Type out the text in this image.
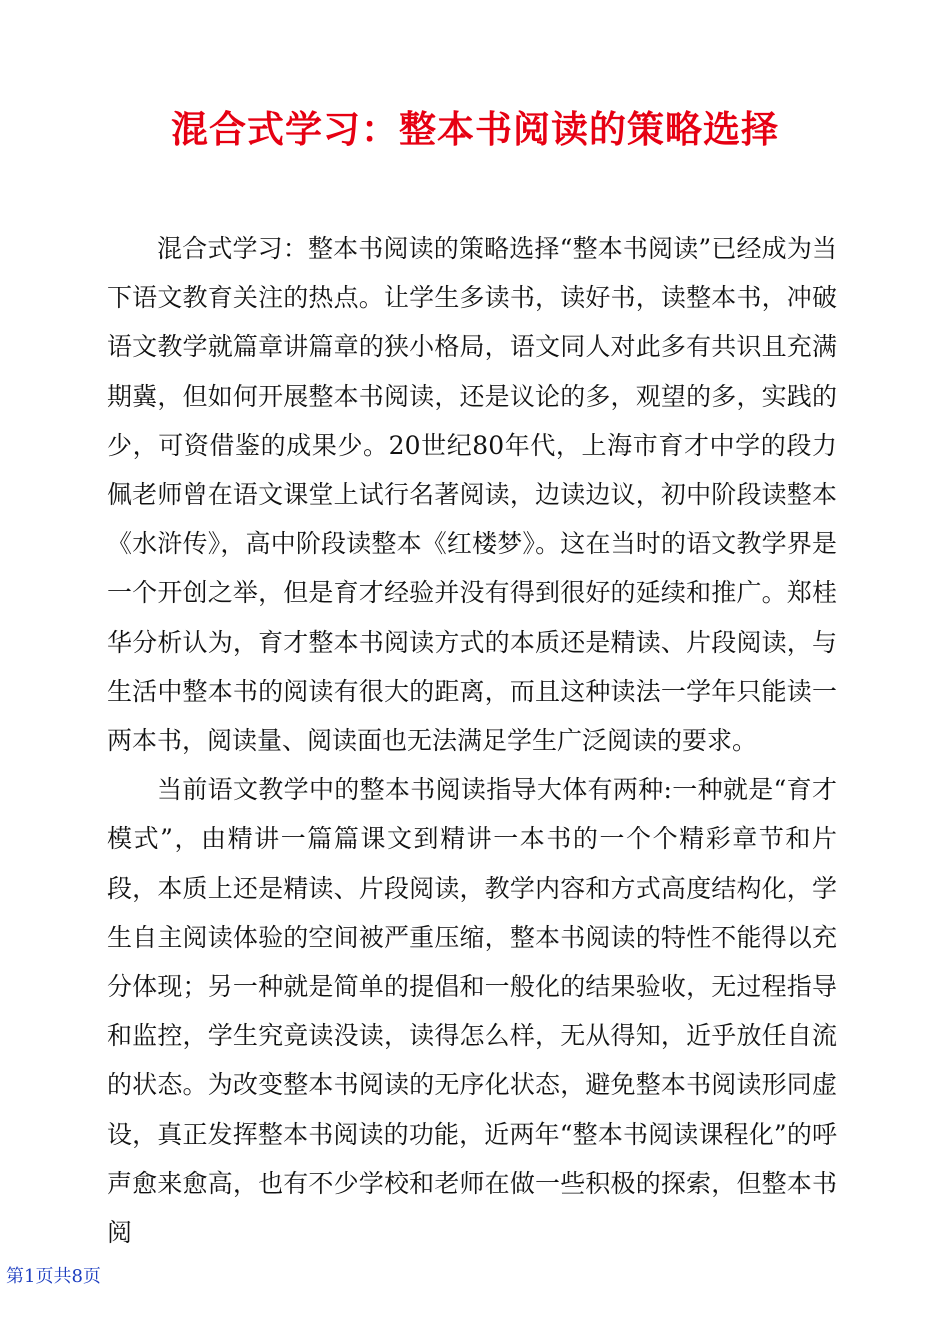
混合式学习：整本书阅读的策略选择

混合式学习：整本书阅读的策略选择“整本书阅读”已经成为当下语文教育关注的热点。让学生多读书，读好书，读整本书，冲破语文教学就篇章讲篇章的狭小格局，语文同人对此多有共识且充满期冀，但如何开展整本书阅读，还是议论的多，观望的多，实践的少，可资借鉴的成果少。20世纪80年代，上海市育才中学的段力佩老师曾在语文课堂上试行名著阅读，边读边议，初中阶段读整本《水浒传》，高中阶段读整本《红楼梦》。这在当时的语文教学界是一个开创之举，但是育才经验并没有得到很好的延续和推广。郑桂华分析认为，育才整本书阅读方式的本质还是精读、片段阅读，与生活中整本书的阅读有很大的距离，而且这种读法一学年只能读一两本书，阅读量、阅读面也无法满足学生广泛阅读的要求。

当前语文教学中的整本书阅读指导大体有两种:一种就是“育才模式”，由精讲一篇篇课文到精讲一本书的一个个精彩章节和片段，本质上还是精读、片段阅读，教学内容和方式高度结构化，学生自主阅读体验的空间被严重压缩，整本书阅读的特性不能得以充分体现；另一种就是简单的提倡和一般化的结果验收，无过程指导和监控，学生究竟读没读，读得怎么样，无从得知，近乎放任自流的状态。为改变整本书阅读的无序化状态，避免整本书阅读形同虚设，真正发挥整本书阅读的功能，近两年“整本书阅读课程化”的呼声愈来愈高，也有不少学校和老师在做一些积极的探索，但整本书阅

第1页共8页
